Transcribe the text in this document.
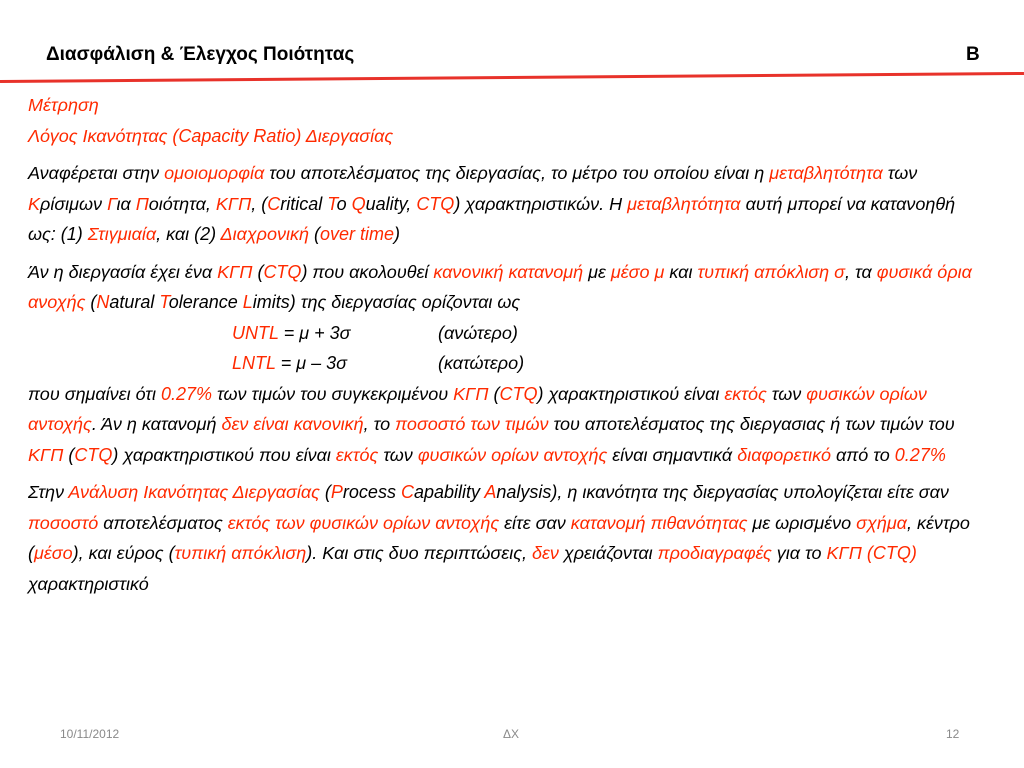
Διασφάλιση & Έλεγχος Ποιότητας	Β

Μέτρηση

Λόγος Ικανότητας (Capacity Ratio) Διεργασίας

Αναφέρεται στην ομοιομορφία του αποτελέσματος της διεργασίας, το μέτρο του οποίου είναι η μεταβλητότητα των Κρίσιμων Για Ποιότητα, ΚΓΠ, (Critical To Quality, CTQ) χαρακτηριστικών. Η μεταβλητότητα αυτή μπορεί να κατανοηθή ως: (1) Στιγμιαία, και (2) Διαχρονική (over time)

Άν η διεργασία έχει ένα ΚΓΠ (CTQ) που ακολουθεί κανονική κατανομή με μέσο μ και τυπική απόκλιση σ, τα φυσικά όρια ανοχής (Natural Tolerance Limits) της διεργασίας ορίζονται ως

UNTL = μ + 3σ	(ανώτερο)

LNTL = μ – 3σ	(κατώτερο)

που σημαίνει ότι 0.27% των τιμών του συγκεκριμένου ΚΓΠ (CTQ) χαρακτηριστικού είναι εκτός των φυσικών ορίων αντοχής. Άν η κατανομή δεν είναι κανονική, το ποσοστό των τιμών του αποτελέσματος της διεργασιας ή των τιμών του ΚΓΠ (CTQ) χαρακτηριστικού που είναι εκτός των φυσικών ορίων αντοχής είναι σημαντικά διαφορετικό από το 0.27%

Στην Ανάλυση Ικανότητας Διεργασίας (Process Capability Analysis), η ικανότητα της διεργασίας υπολογίζεται είτε σαν ποσοστό αποτελέσματος εκτός των φυσικών ορίων αντοχής είτε σαν κατανομή πιθανότητας με ωρισμένο σχήμα, κέντρο (μέσο), και εύρος (τυπική απόκλιση). Και στις δυο περιπτώσεις, δεν χρειάζονται προδιαγραφές για το ΚΓΠ (CTQ) χαρακτηριστικό

10/11/2012	ΔΧ	12
